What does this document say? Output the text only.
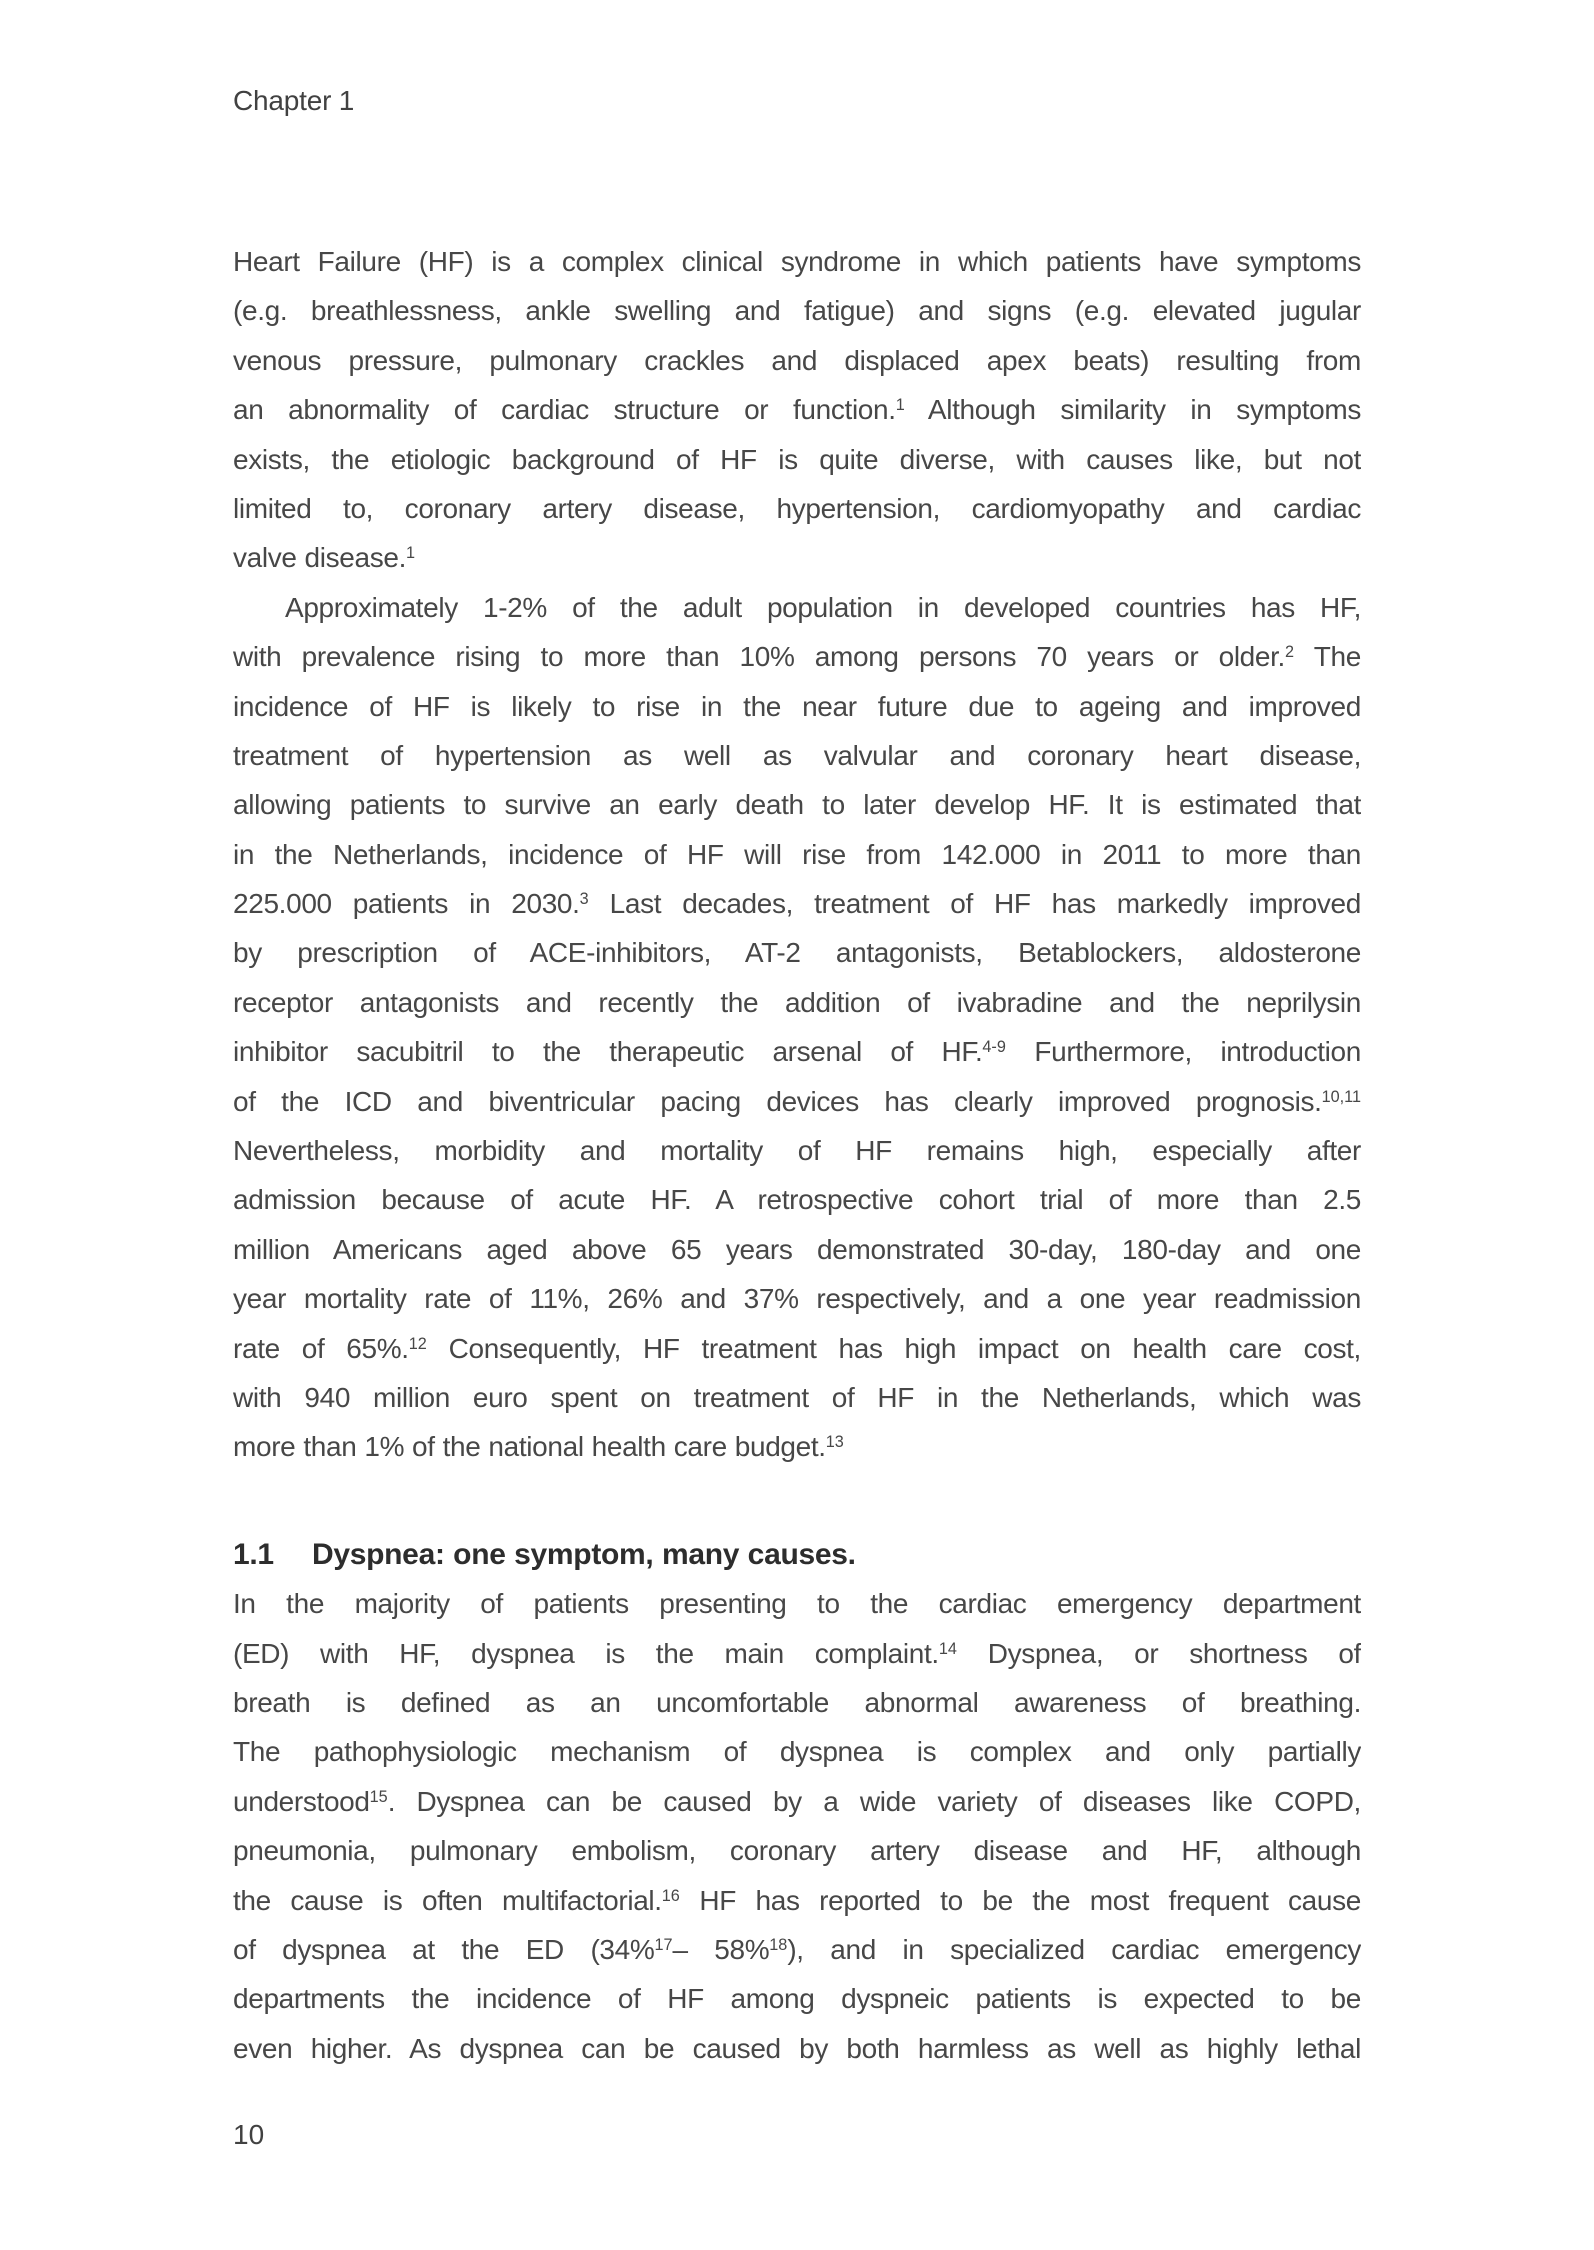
Chapter 1
Heart Failure (HF) is a complex clinical syndrome in which patients have symptoms
(e.g. breathlessness, ankle swelling and fatigue) and signs (e.g. elevated jugular
venous pressure, pulmonary crackles and displaced apex beats) resulting from
an abnormality of cardiac structure or function.$^1$ Although similarity in symptoms
exists, the etiologic background of HF is quite diverse, with causes like, but not
limited to, coronary artery disease, hypertension, cardiomyopathy and cardiac
valve disease.$^1$
Approximately 1-2% of the adult population in developed countries has HF,
with prevalence rising to more than 10% among persons 70 years or older.$^2$ The
incidence of HF is likely to rise in the near future due to ageing and improved
treatment of hypertension as well as valvular and coronary heart disease,
allowing patients to survive an early death to later develop HF. It is estimated that
in the Netherlands, incidence of HF will rise from 142.000 in 2011 to more than
225.000 patients in 2030.$^3$ Last decades, treatment of HF has markedly improved
by prescription of ACE-inhibitors, AT-2 antagonists, Betablockers, aldosterone
receptor antagonists and recently the addition of ivabradine and the neprilysin
inhibitor sacubitril to the therapeutic arsenal of HF.$^{4-9}$ Furthermore, introduction
of the ICD and biventricular pacing devices has clearly improved prognosis.$^{10,11}$
Nevertheless, morbidity and mortality of HF remains high, especially after
admission because of acute HF. A retrospective cohort trial of more than 2.5
million Americans aged above 65 years demonstrated 30-day, 180-day and one
year mortality rate of 11%, 26% and 37% respectively, and a one year readmission
rate of 65%.$^{12}$ Consequently, HF treatment has high impact on health care cost,
with 940 million euro spent on treatment of HF in the Netherlands, which was
more than 1% of the national health care budget.$^{13}$
1.1 Dyspnea: one symptom, many causes.
In the majority of patients presenting to the cardiac emergency department
(ED) with HF, dyspnea is the main complaint.$^{14}$ Dyspnea, or shortness of
breath is defined as an uncomfortable abnormal awareness of breathing.
The pathophysiologic mechanism of dyspnea is complex and only partially
understood$^{15}$. Dyspnea can be caused by a wide variety of diseases like COPD,
pneumonia, pulmonary embolism, coronary artery disease and HF, although
the cause is often multifactorial.$^{16}$ HF has reported to be the most frequent cause
of dyspnea at the ED (34%$^{17}$– 58%$^{18}$), and in specialized cardiac emergency
departments the incidence of HF among dyspneic patients is expected to be
even higher. As dyspnea can be caused by both harmless as well as highly lethal
10
